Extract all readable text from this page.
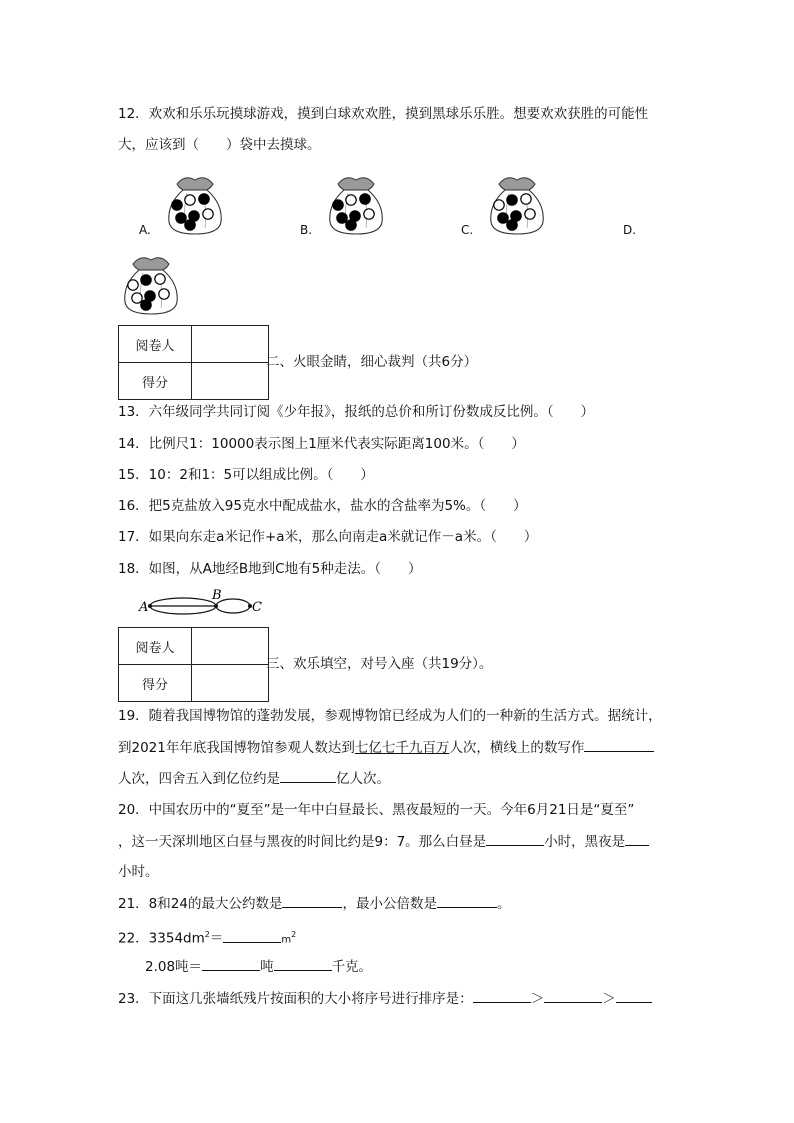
12．欢欢和乐乐玩摸球游戏，摸到白球欢欢胜，摸到黑球乐乐胜。想要欢欢获胜的可能性
大，应该到（　　）袋中去摸球。
A.	B.	C.	D.
阅卷人	
得分	
二、火眼金睛，细心裁判（共6分）
13．六年级同学共同订阅《少年报》，报纸的总价和所订份数成反比例。（　　）
14．比例尺1：10000表示图上1厘米代表实际距离100米。（　　）
15．10：2和1：5可以组成比例。（　　）
16．把5克盐放入95克水中配成盐水，盐水的含盐率为5%。（　　）
17．如果向东走a米记作+a米，那么向南走a米就记作－a米。（　　）
18．如图，从A地经B地到C地有5种走法。（　　）
A
B
C
阅卷人	
得分	
三、欢乐填空，对号入座（共19分）。
19．随着我国博物馆的蓬勃发展，参观博物馆已经成为人们的一种新的生活方式。据统计，
到2021年年底我国博物馆参观人数达到七亿七千九百万人次，横线上的数写作
人次，四舍五入到亿位约是	亿人次。
20．中国农历中的“夏至”是一年中白昼最长、黑夜最短的一天。今年6月21日是“夏至”
，这一天深圳地区白昼与黑夜的时间比约是9：7。那么白昼是	小时，黑夜是
小时。
21．8和24的最大公约数是	，最小公倍数是	。
22．$3354dm^2=$	$m^2$
2.08吨＝	吨	千克。
23．下面这几张墙纸残片按面积的大小将序号进行排序是：	＞	＞
